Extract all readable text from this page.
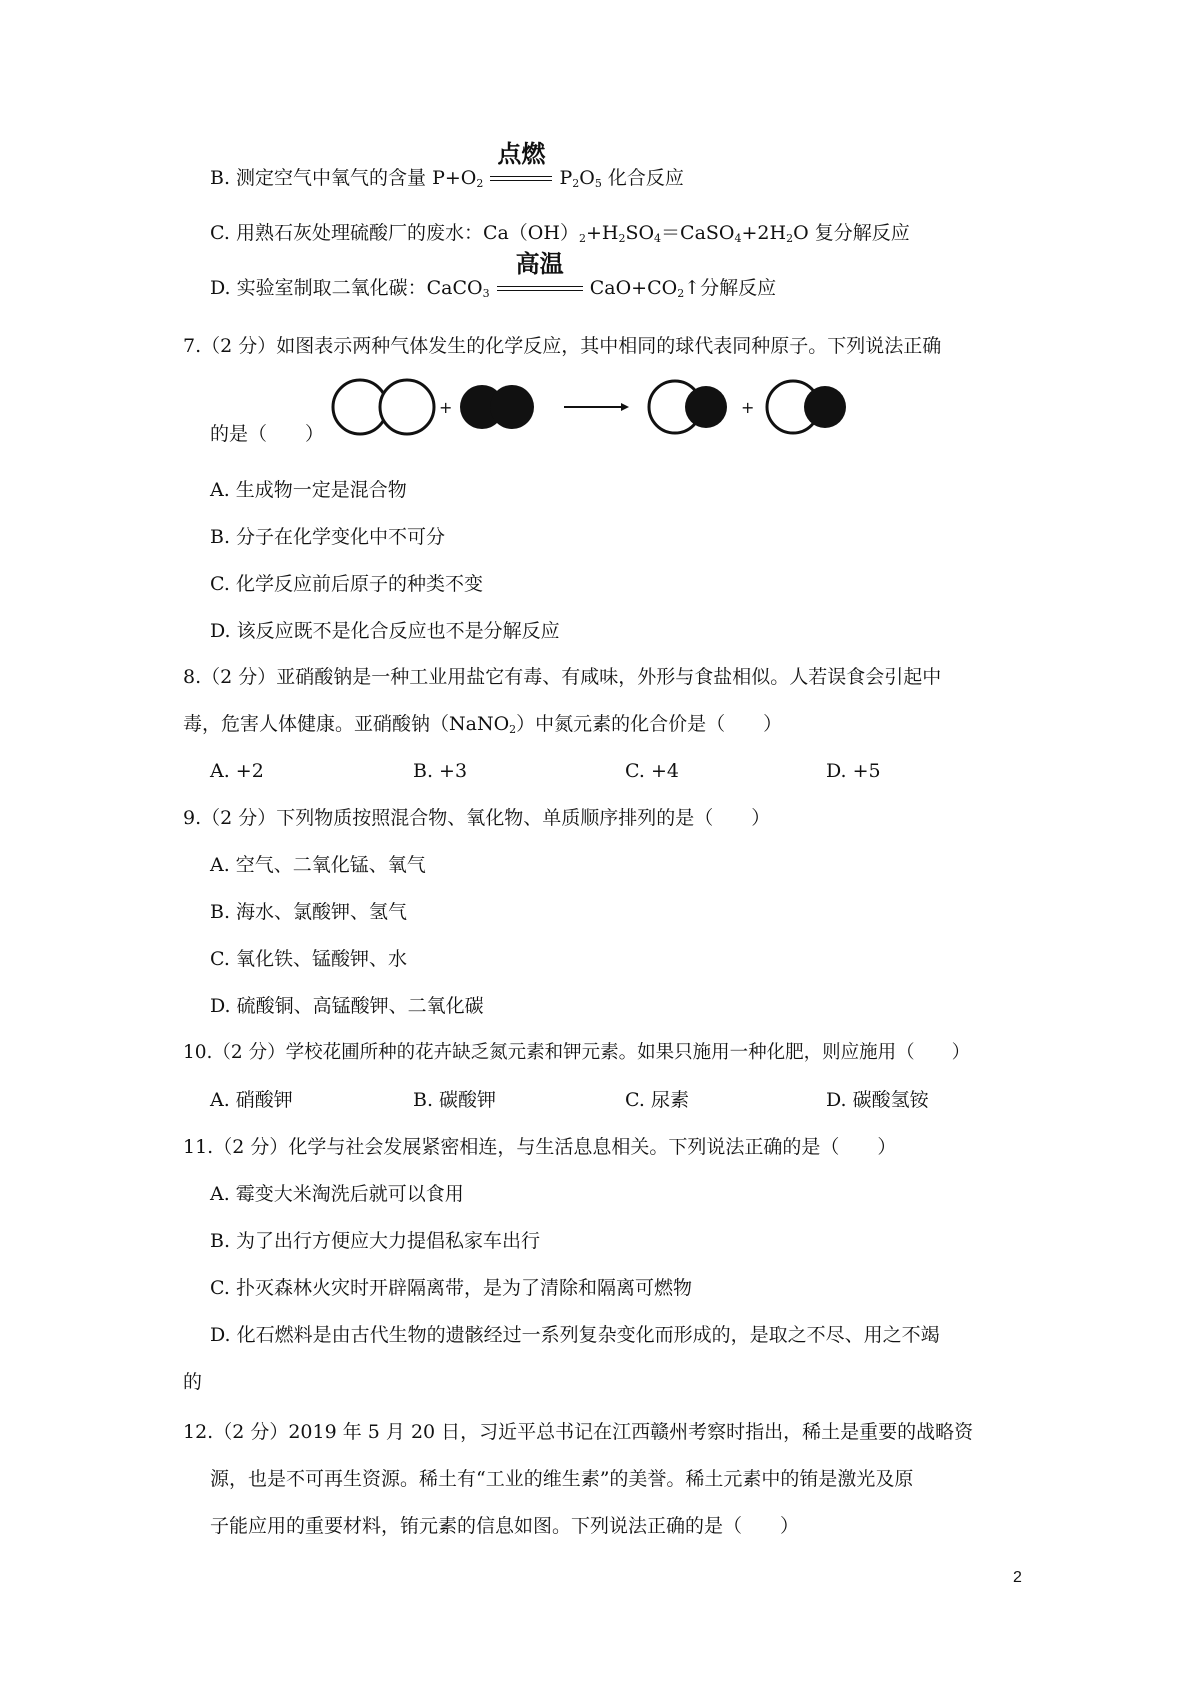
B. 测定空气中氧气的含量 $P+O_2$
点燃
$P_2O_5$ 化合反应
C. 用熟石灰处理硫酸厂的废水：$Ca(OH)_2+H_2SO_4=CaSO_4+2H_2O$ 复分解反应
D. 实验室制取二氧化碳：CaCO$_3$
高温
$CaO+CO_2↑$分解反应
7.（2 分）如图表示两种气体发生的化学反应，其中相同的球代表同种原子。下列说法正确
+	+
的是（　　）
A. 生成物一定是混合物
B. 分子在化学变化中不可分
C. 化学反应前后原子的种类不变
D. 该反应既不是化合反应也不是分解反应
8.（2 分）亚硝酸钠是一种工业用盐它有毒、有咸味，外形与食盐相似。人若误食会引起中
毒，危害人体健康。亚硝酸钠（NaNO$_2$）中氮元素的化合价是（　　）
A. +2	B. +3	C. +4	D. +5
9.（2 分）下列物质按照混合物、氧化物、单质顺序排列的是（　　）
A. 空气、二氧化锰、氧气
B. 海水、氯酸钾、氢气
C. 氧化铁、锰酸钾、水
D. 硫酸铜、高锰酸钾、二氧化碳
10.（2 分）学校花圃所种的花卉缺乏氮元素和钾元素。如果只施用一种化肥，则应施用（　　）
A. 硝酸钾	B. 碳酸钾	C. 尿素	D. 碳酸氢铵
11.（2 分）化学与社会发展紧密相连，与生活息息相关。下列说法正确的是（　　）
A. 霉变大米淘洗后就可以食用
B. 为了出行方便应大力提倡私家车出行
C. 扑灭森林火灾时开辟隔离带，是为了清除和隔离可燃物
D. 化石燃料是由古代生物的遗骸经过一系列复杂变化而形成的，是取之不尽、用之不竭
的
12.（2 分）2019 年 5 月 20 日，习近平总书记在江西赣州考察时指出，稀土是重要的战略资
源，也是不可再生资源。稀土有“工业的维生素”的美誉。稀土元素中的铕是激光及原
子能应用的重要材料，铕元素的信息如图。下列说法正确的是（　　）
2
